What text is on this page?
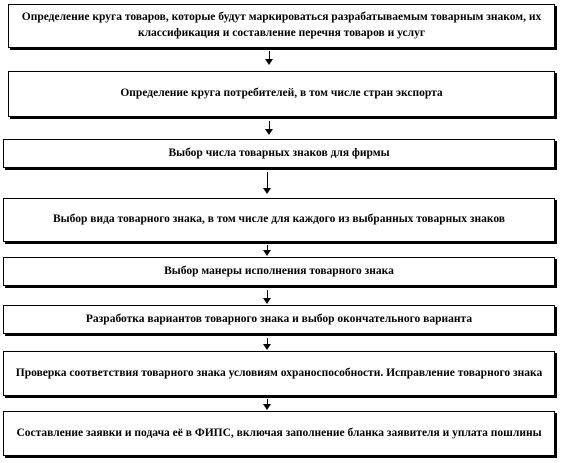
Определение круга товаров, которые будут маркироваться разрабатываемым товарным знаком, их классификация и составление перечня товаров и услуг
Определение круга потребителей, в том числе стран экспорта
Выбор числа товарных знаков для фирмы
Выбор вида товарного знака, в том числе для каждого из выбранных товарных знаков
Выбор манеры исполнения товарного знака
Разработка вариантов товарного знака и выбор окончательного варианта
Проверка соответствия товарного знака условиям охраноспособности. Исправление товарного знака
Составление заявки и подача её в ФИПС, включая заполнение бланка заявителя и уплата пошлины
